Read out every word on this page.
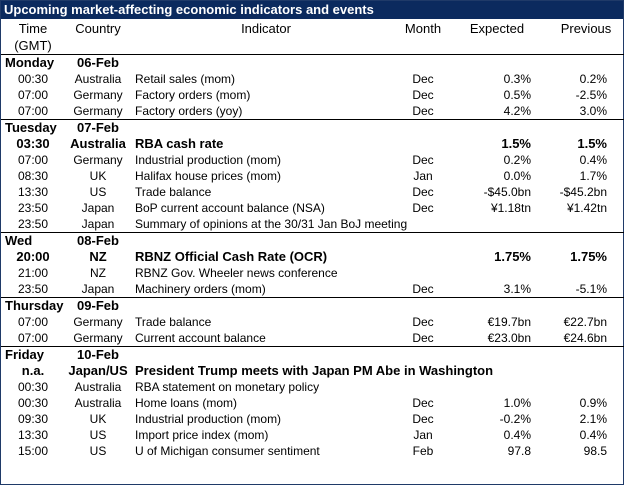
Upcoming market-affecting economic indicators and events
Time	Country	Indicator	Month	Expected	Previous
(GMT)					
Monday	06-Feb				
00:30	Australia	Retail sales (mom)	Dec	0.3%	0.2%
07:00	Germany	Factory orders (mom)	Dec	0.5%	-2.5%
07:00	Germany	Factory orders (yoy)	Dec	4.2%	3.0%
Tuesday	07-Feb				
03:30	Australia	RBA cash rate		1.5%	1.5%
07:00	Germany	Industrial production (mom)	Dec	0.2%	0.4%
08:30	UK	Halifax house prices (mom)	Jan	0.0%	1.7%
13:30	US	Trade balance	Dec	-$45.0bn	-$45.2bn
23:50	Japan	BoP current account balance (NSA)	Dec	¥1.18tn	¥1.42tn
23:50	Japan	Summary of opinions at the 30/31 Jan BoJ meeting			
Wed	08-Feb				
20:00	NZ	RBNZ Official Cash Rate (OCR)		1.75%	1.75%
21:00	NZ	RBNZ Gov. Wheeler news conference			
23:50	Japan	Machinery orders (mom)	Dec	3.1%	-5.1%
Thursday	09-Feb				
07:00	Germany	Trade balance	Dec	€19.7bn	€22.7bn
07:00	Germany	Current account balance	Dec	€23.0bn	€24.6bn
Friday	10-Feb				
n.a.	Japan/US	President Trump meets with Japan PM Abe in Washington			
00:30	Australia	RBA statement on monetary policy			
00:30	Australia	Home loans (mom)	Dec	1.0%	0.9%
09:30	UK	Industrial production (mom)	Dec	-0.2%	2.1%
13:30	US	Import price index (mom)	Jan	0.4%	0.4%
15:00	US	U of Michigan consumer sentiment	Feb	97.8	98.5
